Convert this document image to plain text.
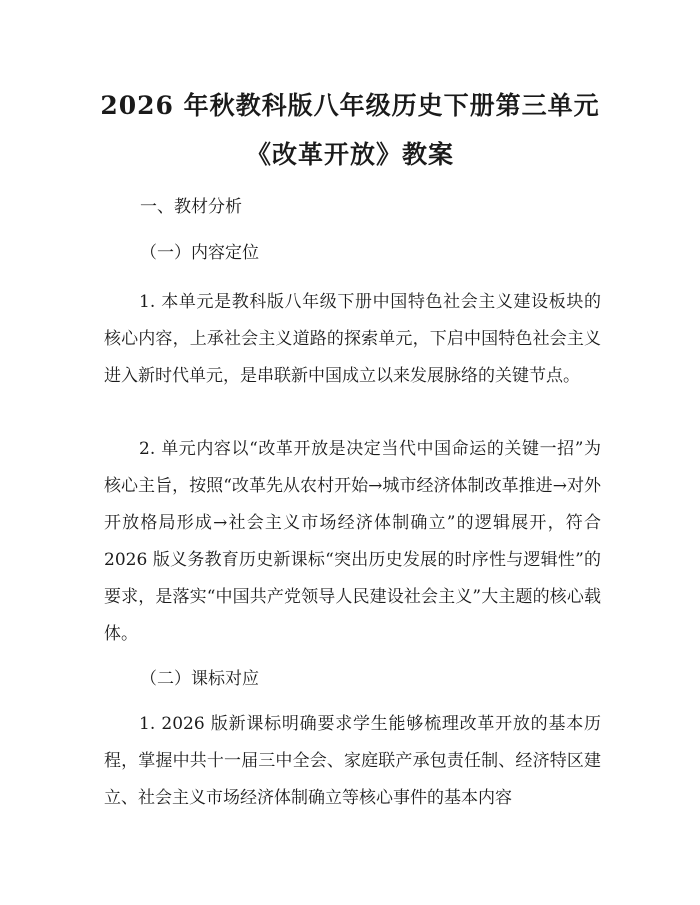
2026 年秋教科版八年级历史下册第三单元
《改革开放》教案
一、教材分析
（一）内容定位
1. 本单元是教科版八年级下册中国特色社会主义建设板块的核心内容，上承社会主义道路的探索单元，下启中国特色社会主义进入新时代单元，是串联新中国成立以来发展脉络的关键节点。
2. 单元内容以“改革开放是决定当代中国命运的关键一招”为核心主旨，按照“改革先从农村开始→城市经济体制改革推进→对外开放格局形成→社会主义市场经济体制确立”的逻辑展开，符合 2026 版义务教育历史新课标“突出历史发展的时序性与逻辑性”的要求，是落实“中国共产党领导人民建设社会主义”大主题的核心载体。
（二）课标对应
1. 2026 版新课标明确要求学生能够梳理改革开放的基本历程，掌握中共十一届三中全会、家庭联产承包责任制、经济特区建立、社会主义市场经济体制确立等核心事件的基本内容
